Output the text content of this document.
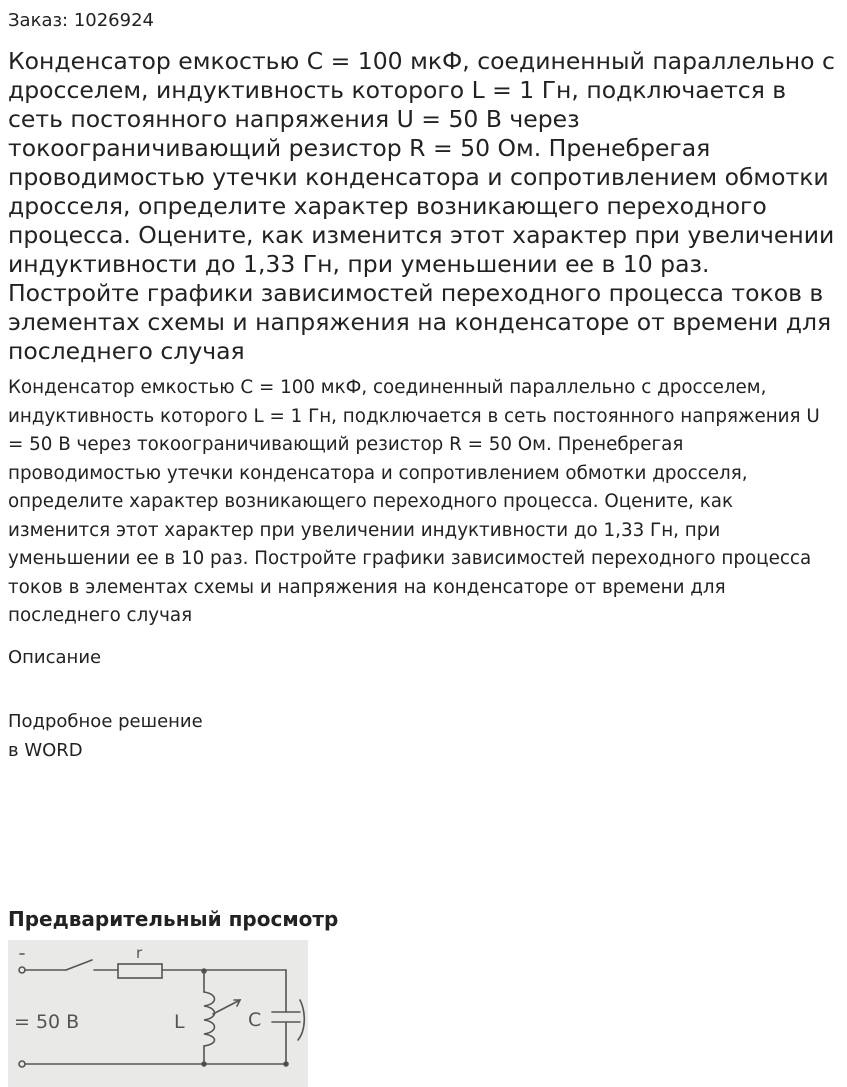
Заказ: 1026924
Конденсатор емкостью С = 100 мкФ, соединенный параллельно с дросселем, индуктивность которого L = 1 Гн, подключается в сеть постоянного напряжения U = 50 В через токоограничивающий резистор R = 50 Ом. Пренебрегая проводимостью утечки конденсатора и сопротивлением обмотки дросселя, определите характер возникающего переходного процесса. Оцените, как изменится этот характер при увеличении индуктивности до 1,33 Гн, при уменьшении ее в 10 раз. Постройте графики зависимостей переходного процесса токов в элементах схемы и напряжения на конденсаторе от времени для последнего случая

Конденсатор емкостью С = 100 мкФ, соединенный параллельно с дросселем, индуктивность которого L = 1 Гн, подключается в сеть постоянного напряжения U = 50 В через токоограничивающий резистор R = 50 Ом. Пренебрегая проводимостью утечки конденсатора и сопротивлением обмотки дросселя, определите характер возникающего переходного процесса. Оцените, как изменится этот характер при увеличении индуктивности до 1,33 Гн, при уменьшении ее в 10 раз. Постройте графики зависимостей переходного процесса токов в элементах схемы и напряжения на конденсаторе от времени для последнего случая

Описание
Подробное решение
в WORD
Предварительный просмотр
r
= 50 В	L	C
